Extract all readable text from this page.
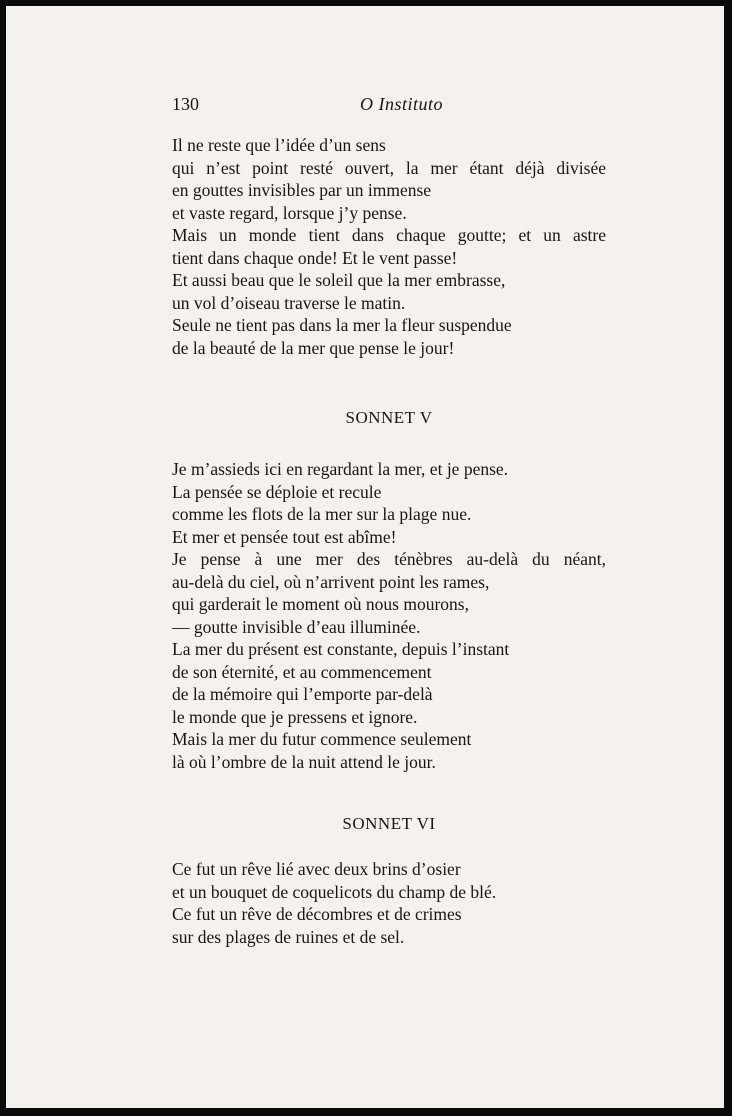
130	O Instituto
Il ne reste que l’idée d’un sens
qui n’est point resté ouvert, la mer étant déjà divisée
en gouttes invisibles par un immense
et vaste regard, lorsque j’y pense.
Mais un monde tient dans chaque goutte; et un astre
tient dans chaque onde! Et le vent passe!
Et aussi beau que le soleil que la mer embrasse,
un vol d’oiseau traverse le matin.
Seule ne tient pas dans la mer la fleur suspendue
de la beauté de la mer que pense le jour!
SONNET V
Je m’assieds ici en regardant la mer, et je pense.
La pensée se déploie et recule
comme les flots de la mer sur la plage nue.
Et mer et pensée tout est abîme!
Je pense à une mer des ténèbres au-delà du néant,
au-delà du ciel, où n’arrivent point les rames,
qui garderait le moment où nous mourons,
— goutte invisible d’eau illuminée.
La mer du présent est constante, depuis l’instant
de son éternité, et au commencement
de la mémoire qui l’emporte par-delà
le monde que je pressens et ignore.
Mais la mer du futur commence seulement
là où l’ombre de la nuit attend le jour.
SONNET VI
Ce fut un rêve lié avec deux brins d’osier
et un bouquet de coquelicots du champ de blé.
Ce fut un rêve de décombres et de crimes
sur des plages de ruines et de sel.
